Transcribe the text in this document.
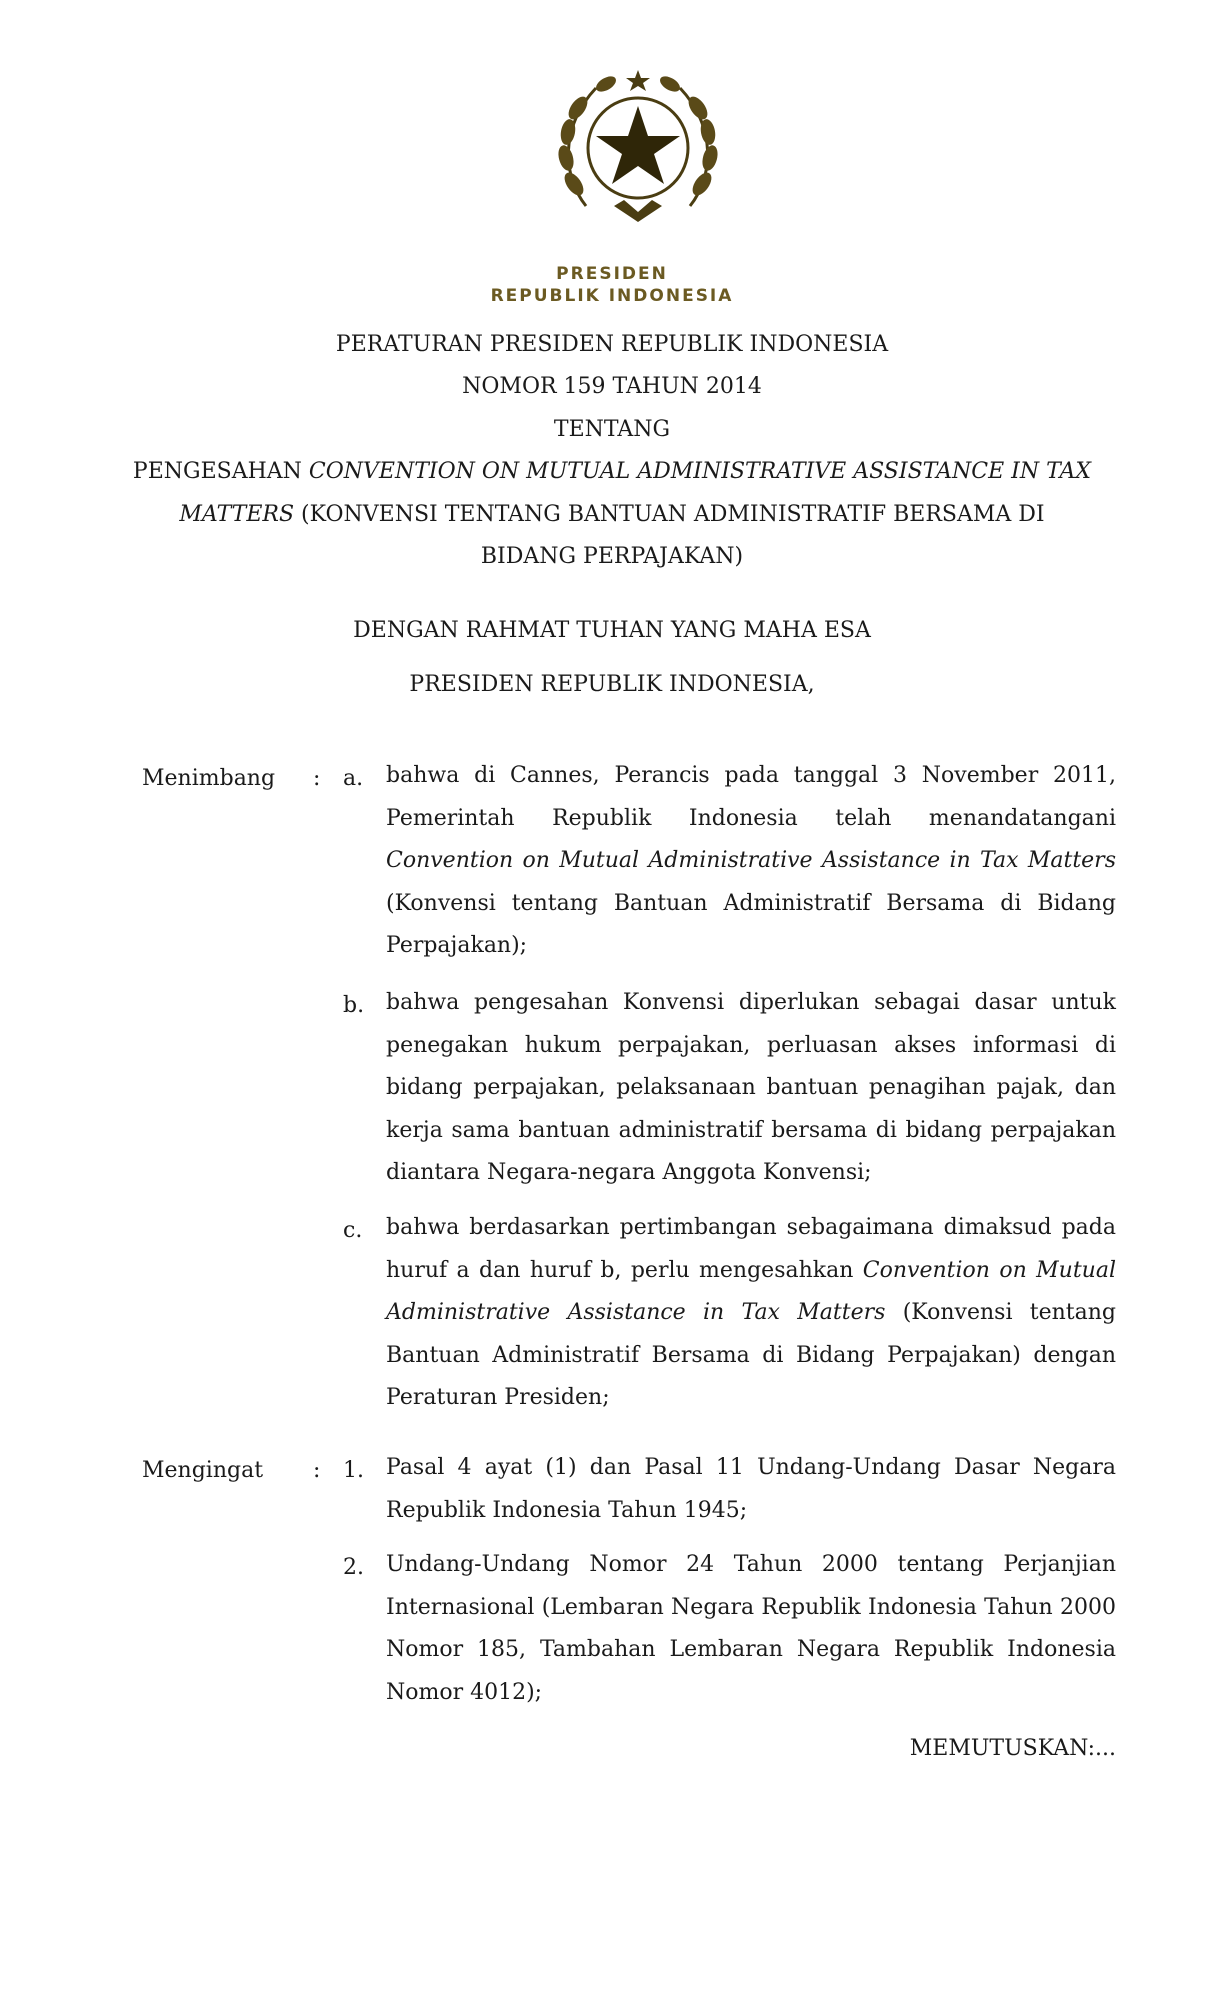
PRESIDEN
REPUBLIK INDONESIA
PERATURAN PRESIDEN REPUBLIK INDONESIA
NOMOR 159 TAHUN 2014
TENTANG
PENGESAHAN CONVENTION ON MUTUAL ADMINISTRATIVE ASSISTANCE IN TAX
MATTERS (KONVENSI TENTANG BANTUAN ADMINISTRATIF BERSAMA DI
BIDANG PERPAJAKAN)
DENGAN RAHMAT TUHAN YANG MAHA ESA
PRESIDEN REPUBLIK INDONESIA,
Menimbang : a. bahwa di Cannes, Perancis pada tanggal 3 November 2011, Pemerintah Republik Indonesia telah menandatangani Convention on Mutual Administrative Assistance in Tax Matters (Konvensi tentang Bantuan Administratif Bersama di Bidang Perpajakan);
b. bahwa pengesahan Konvensi diperlukan sebagai dasar untuk penegakan hukum perpajakan, perluasan akses informasi di bidang perpajakan, pelaksanaan bantuan penagihan pajak, dan kerja sama bantuan administratif bersama di bidang perpajakan diantara Negara-negara Anggota Konvensi;
c. bahwa berdasarkan pertimbangan sebagaimana dimaksud pada huruf a dan huruf b, perlu mengesahkan Convention on Mutual Administrative Assistance in Tax Matters (Konvensi tentang Bantuan Administratif Bersama di Bidang Perpajakan) dengan Peraturan Presiden;
Mengingat : 1. Pasal 4 ayat (1) dan Pasal 11 Undang-Undang Dasar Negara Republik Indonesia Tahun 1945;
2. Undang-Undang Nomor 24 Tahun 2000 tentang Perjanjian Internasional (Lembaran Negara Republik Indonesia Tahun 2000 Nomor 185, Tambahan Lembaran Negara Republik Indonesia Nomor 4012);
MEMUTUSKAN:...
